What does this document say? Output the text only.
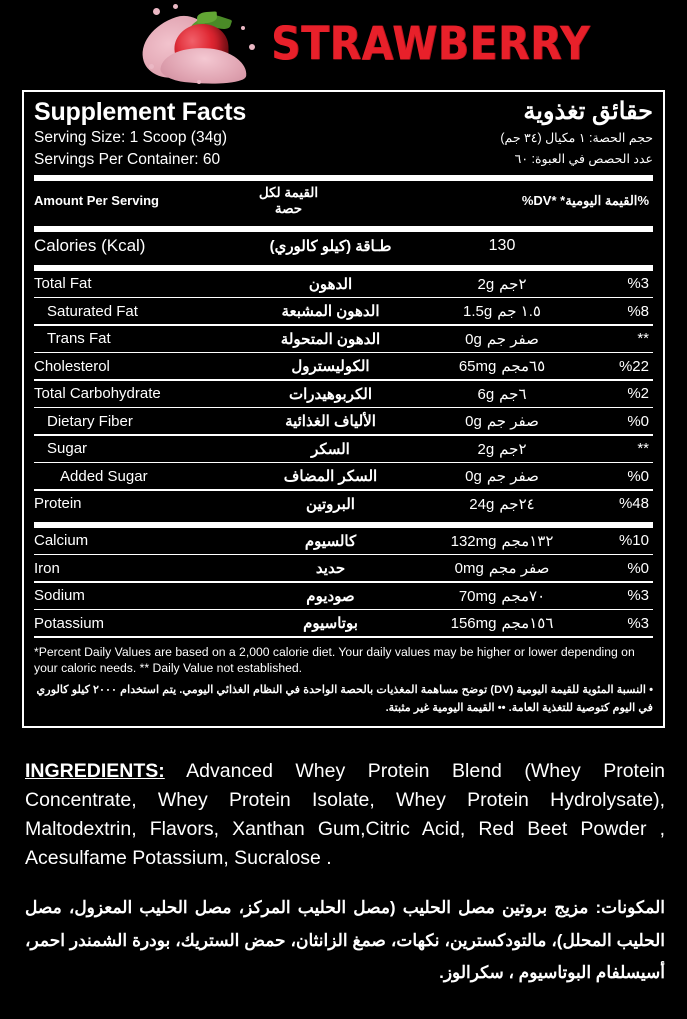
STRAWBERRY
Supplement Facts
Serving Size: 1 Scoop (34g)
Servings Per Container: 60
حقائق تغذوية
حجم الحصة: ١ مكيال (٣٤ جم)
عدد الحصص في العبوة: ٦٠
Amount Per Serving
القيمة لكل حصة
%DV* *القيمة اليومية%
Calories (Kcal)	طـاقة (كيلو كالوري)	130
Total Fat	الدهون	2g ٢جم	%3
Saturated Fat	الدهون المشبعة	1.5g ١.٥ جم	%8
Trans Fat	الدهون المتحولة	0g صفر جم	**
Cholesterol	الكوليسترول	65mg ٦٥مجم	%22
Total Carbohydrate	الكربوهيدرات	6g ٦جم	%2
Dietary Fiber	الألياف الغذائية	0g صفر جم	%0
Sugar	السكر	2g ٢جم	**
Added Sugar	السكر المضاف	0g صفر جم	%0
Protein	البروتين	24g ٢٤جم	%48
Calcium	كالسيوم	132mg ١٣٢مجم	%10
Iron	حديد	0mg صفر مجم	%0
Sodium	صوديوم	70mg ٧٠مجم	%3
Potassium	بوتاسيوم	156mg ١٥٦مجم	%3
*Percent Daily Values are based on a 2,000 calorie diet. Your daily values may be higher or lower depending on your caloric needs. ** Daily Value not established.
• النسبة المئوية للقيمة اليومية (DV) توضح مساهمة المغذيات بالحصة الواحدة في النظام الغذائي اليومي. يتم استخدام ٢٠٠٠ كيلو كالوري في اليوم كتوصية للتغذية العامة. •• القيمة اليومية غير مثبتة.
INGREDIENTS: Advanced Whey Protein Blend (Whey Protein Concentrate, Whey Protein Isolate, Whey Protein Hydrolysate), Maltodextrin, Flavors, Xanthan Gum,Citric Acid, Red Beet Powder , Acesulfame Potassium, Sucralose .
المكونات: مزيج بروتين مصل الحليب (مصل الحليب المركز، مصل الحليب المعزول، مصل الحليب المحلل)، مالتودكسترين، نكهات، صمغ الزانثان، حمض الستريك، بودرة الشمندر احمر، أسيسلفام البوتاسيوم ، سكرالوز.
